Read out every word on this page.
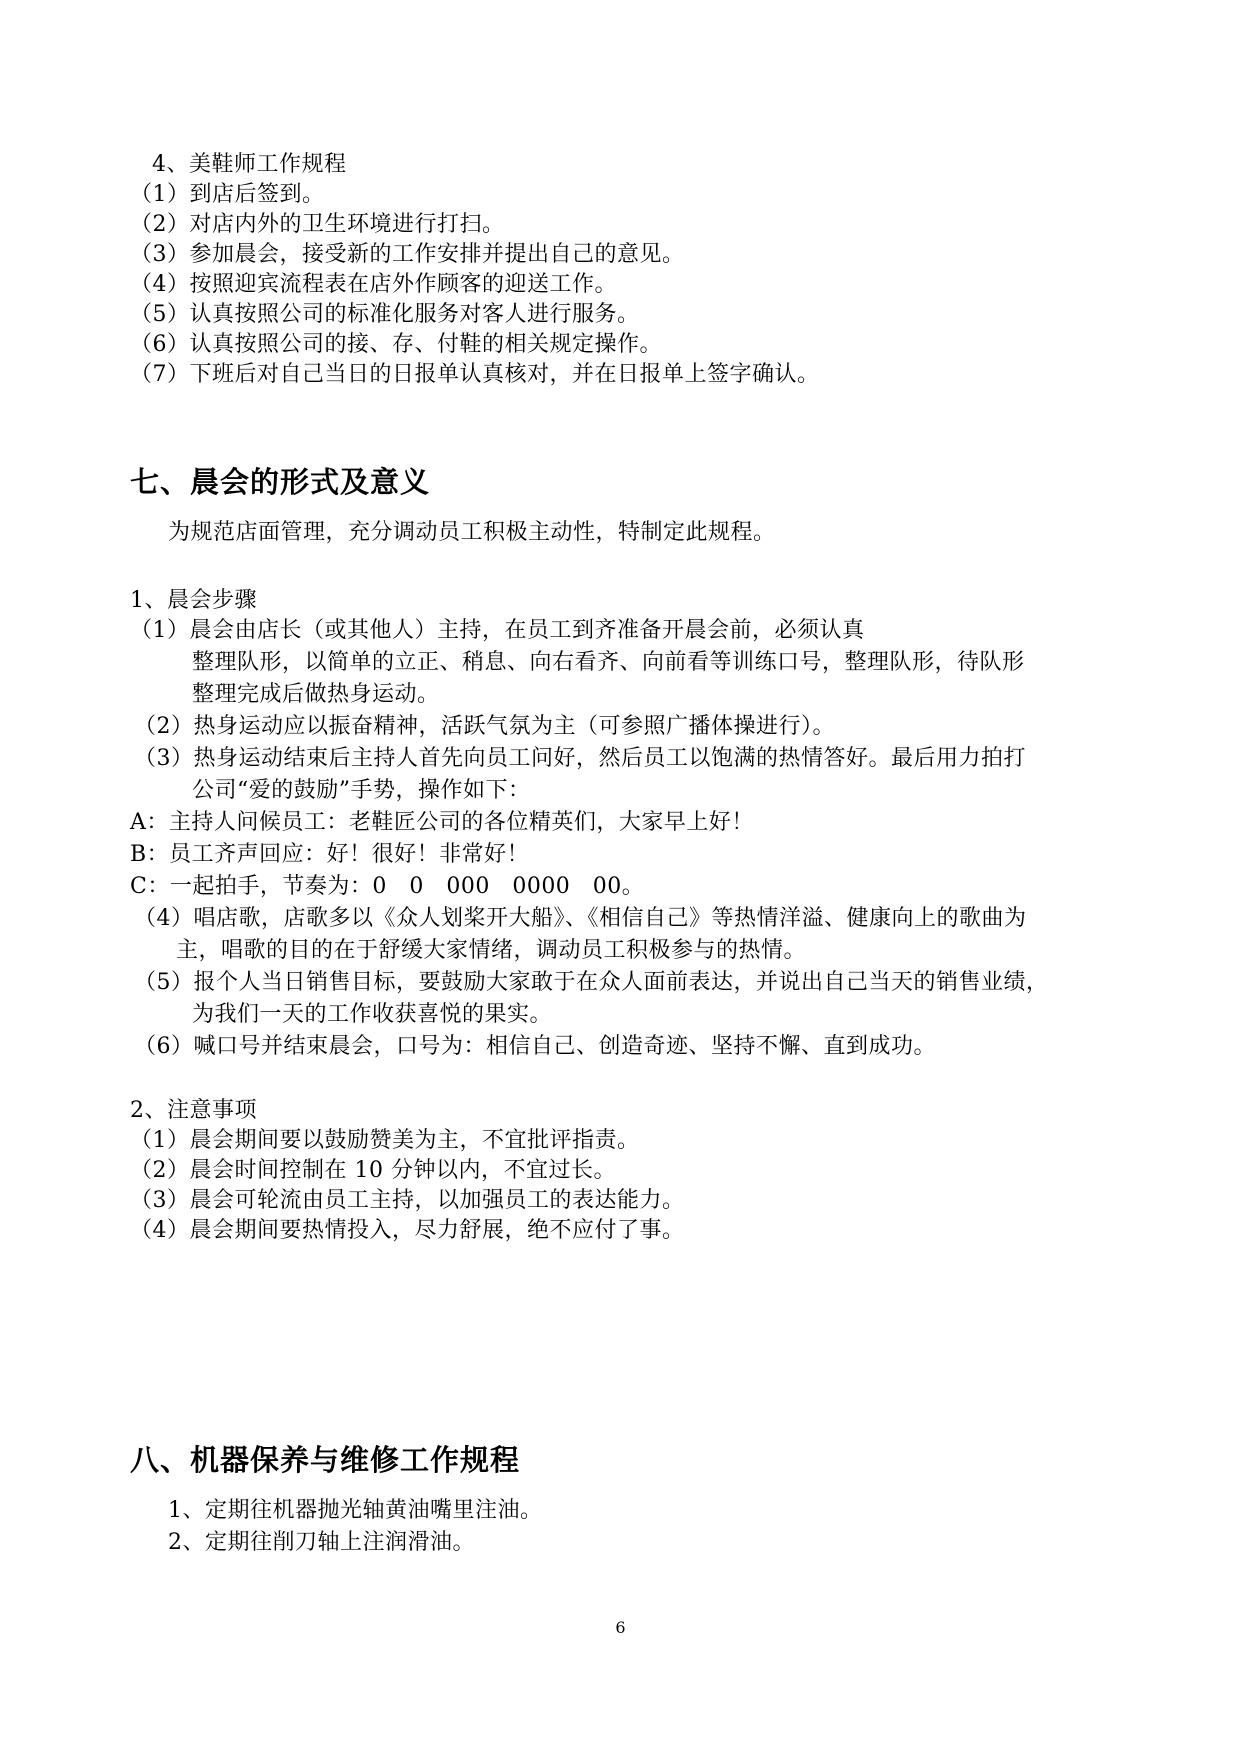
4、美鞋师工作规程
（1）到店后签到。
（2）对店内外的卫生环境进行打扫。
（3）参加晨会，接受新的工作安排并提出自己的意见。
（4）按照迎宾流程表在店外作顾客的迎送工作。
（5）认真按照公司的标准化服务对客人进行服务。
（6）认真按照公司的接、存、付鞋的相关规定操作。
（7）下班后对自己当日的日报单认真核对，并在日报单上签字确认。
七、晨会的形式及意义
为规范店面管理，充分调动员工积极主动性，特制定此规程。
1、晨会步骤
（1）晨会由店长（或其他人）主持，在员工到齐准备开晨会前，必须认真
整理队形，以简单的立正、稍息、向右看齐、向前看等训练口号，整理队形，待队形
整理完成后做热身运动。
（2）热身运动应以振奋精神，活跃气氛为主（可参照广播体操进行）。
（3）热身运动结束后主持人首先向员工问好，然后员工以饱满的热情答好。最后用力拍打
公司“爱的鼓励”手势，操作如下：
A：主持人问候员工：老鞋匠公司的各位精英们，大家早上好！
B：员工齐声回应：好！很好！非常好！
C：一起拍手，节奏为：0　0　000　0000　00。
（4）唱店歌，店歌多以《众人划桨开大船》、《相信自己》等热情洋溢、健康向上的歌曲为
主，唱歌的目的在于舒缓大家情绪，调动员工积极参与的热情。
（5）报个人当日销售目标，要鼓励大家敢于在众人面前表达，并说出自己当天的销售业绩，
为我们一天的工作收获喜悦的果实。
（6）喊口号并结束晨会，口号为：相信自己、创造奇迹、坚持不懈、直到成功。
2、注意事项
（1）晨会期间要以鼓励赞美为主，不宜批评指责。
（2）晨会时间控制在 10 分钟以内，不宜过长。
（3）晨会可轮流由员工主持，以加强员工的表达能力。
（4）晨会期间要热情投入，尽力舒展，绝不应付了事。
八、机器保养与维修工作规程
1、定期往机器抛光轴黄油嘴里注油。
2、定期往削刀轴上注润滑油。
6
